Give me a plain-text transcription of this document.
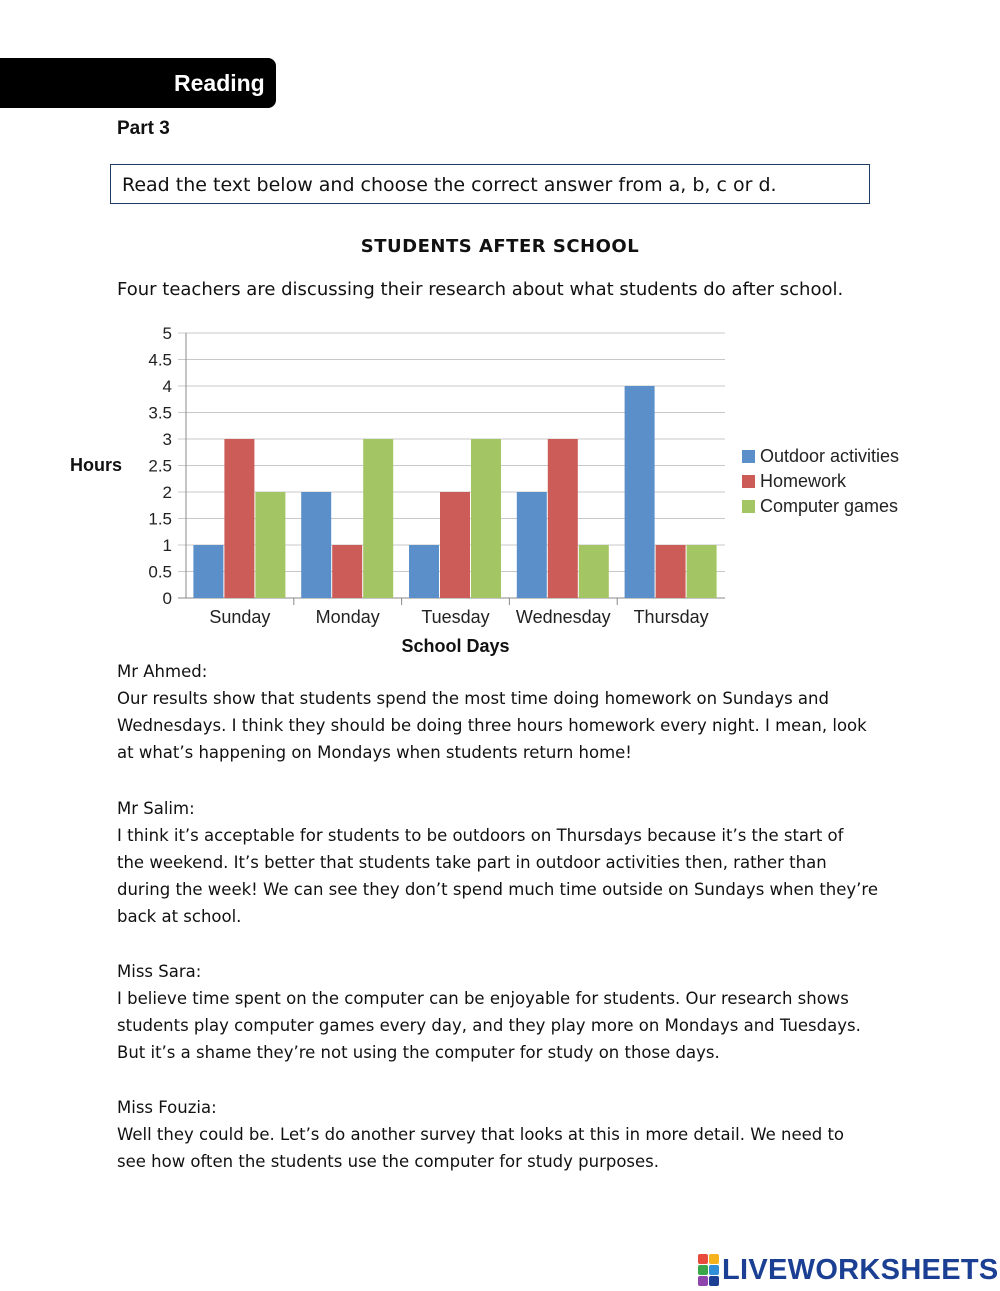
Reading
Part 3
Read the text below and choose the correct answer from a, b, c or d.
STUDENTS AFTER SCHOOL
Four teachers are discussing their research about what students do after school.
0
0.5
1
1.5
2
2.5
3
3.5
4
4.5
5
Sunday	Monday Tuesday Wednesday Thursday
School Days
Hours	Outdoor activities
Homework
Computer games
Mr Ahmed:
Our results show that students spend the most time doing homework on Sundays and
Wednesdays. I think they should be doing three hours homework every night. I mean, look
at what’s happening on Mondays when students return home!
Mr Salim:
I think it’s acceptable for students to be outdoors on Thursdays because it’s the start of
the weekend. It’s better that students take part in outdoor activities then, rather than
during the week! We can see they don’t spend much time outside on Sundays when they’re
back at school.
Miss Sara:
I believe time spent on the computer can be enjoyable for students. Our research shows
students play computer games every day, and they play more on Mondays and Tuesdays.
But it’s a shame they’re not using the computer for study on those days.
Miss Fouzia:
Well they could be. Let’s do another survey that looks at this in more detail. We need to
see how often the students use the computer for study purposes.
LIVEWORKSHEETS
